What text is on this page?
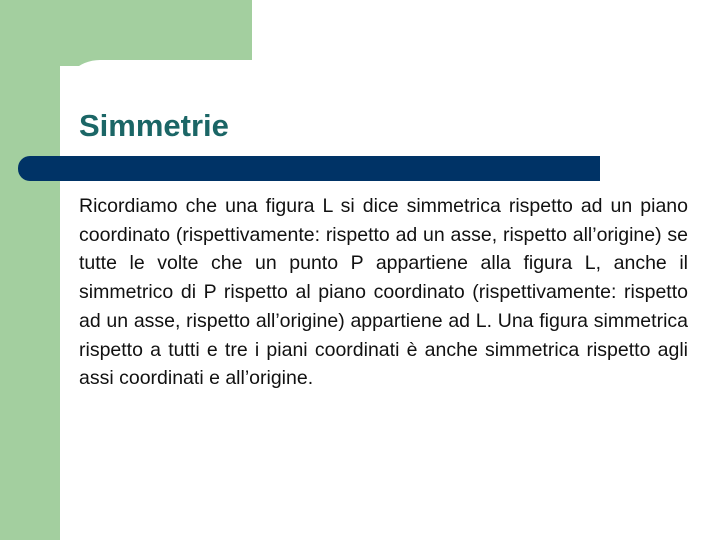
Simmetrie

Ricordiamo che una figura L si dice simmetrica rispetto ad un piano coordinato (rispettivamente: rispetto ad un asse, rispetto all’origine) se tutte le volte che un punto P appartiene alla figura L, anche il simmetrico di P rispetto al piano coordinato (rispettivamente: rispetto ad un asse, rispetto all’origine) appartiene ad L. Una figura simmetrica rispetto a tutti e tre i piani coordinati è anche simmetrica rispetto agli assi coordinati e all’origine.
